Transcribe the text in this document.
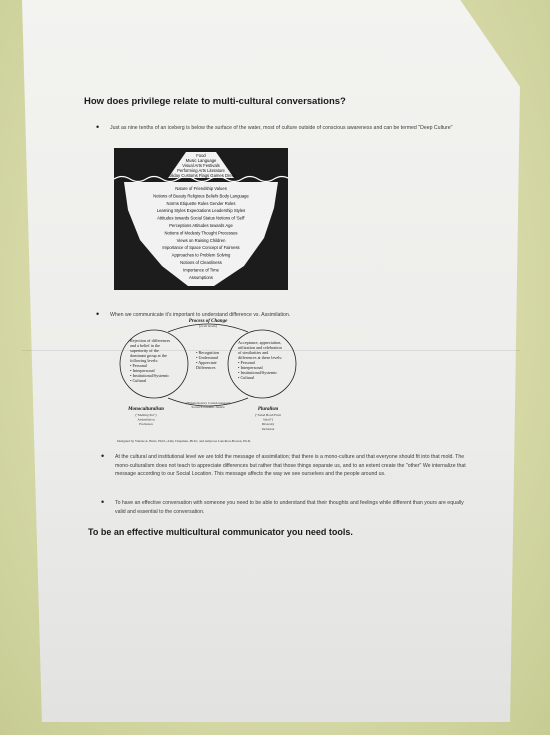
How does privilege relate to multi-cultural conversations?
• Just as nine tenths of an iceberg is below the surface of the water, most of culture outside of conscious awareness and can be termed "Deep Culture"
Food
Music Language
Visual Arts Festivals
Performing Arts Literature
Holiday Customs Flags Games Dress
Nature of Friendship Values
Notions of Beauty Religious Beliefs Body Language
Norms Etiquette Rules Gender Roles
Learning Styles Expectations Leadership Styles
Attitudes towards Social Status Notions of 'Self'
Perceptions Attitudes towards Age
Notions of Modesty Thought Processes
Views on Raising Children
Importance of Space Concept of Fairness
Approaches to Problem Solving
Notions of Cleanliness
Importance of Time
Assumptions
• When we communicate it's important to understand difference vs. Assimilation.
Process of Change
(at all levels)
Rejection of differences
and a belief in the
superiority of the
dominant group at the
following levels:
• Personal
• Interpersonal
• Institutional/Systemic
• Cultural
Acceptance, appreciation,
utilization and celebration
of similarities and
differences at these levels:
• Personal
• Interpersonal
• Institutional/Systemic
• Cultural
• Recognition
• Understand
• Appreciate
Differences
("Emancipatory Consciousness")
Social/Economic Justice
Monoculturalism
("Melting Pot")
Assimilation
Exclusion
Pluralism
("Salad Bowl/Fruit
Salad")
Diversity
Inclusion
Designed by Valerie A. Batts, Ph.D.; Amy Chapman, Ph.D.; and Amyrose Lanckton-Bowen, Ph.D.
• At the cultural and institutional level we are told the message of assimilation; that there is a mono-culture and that everyone should fit into that mold. The mono-culturalism does not teach to appreciate differences but rather that those things separate us, and to an extent create the "other" We internalize that message according to our Social Location. This message affects the way we see ourselves and the people around us.
• To have an effective conversation with someone you need to be able to understand that their thoughts and feelings while different than yours are equally valid and essential to the conversation.
To be an effective multicultural communicator you need tools.
